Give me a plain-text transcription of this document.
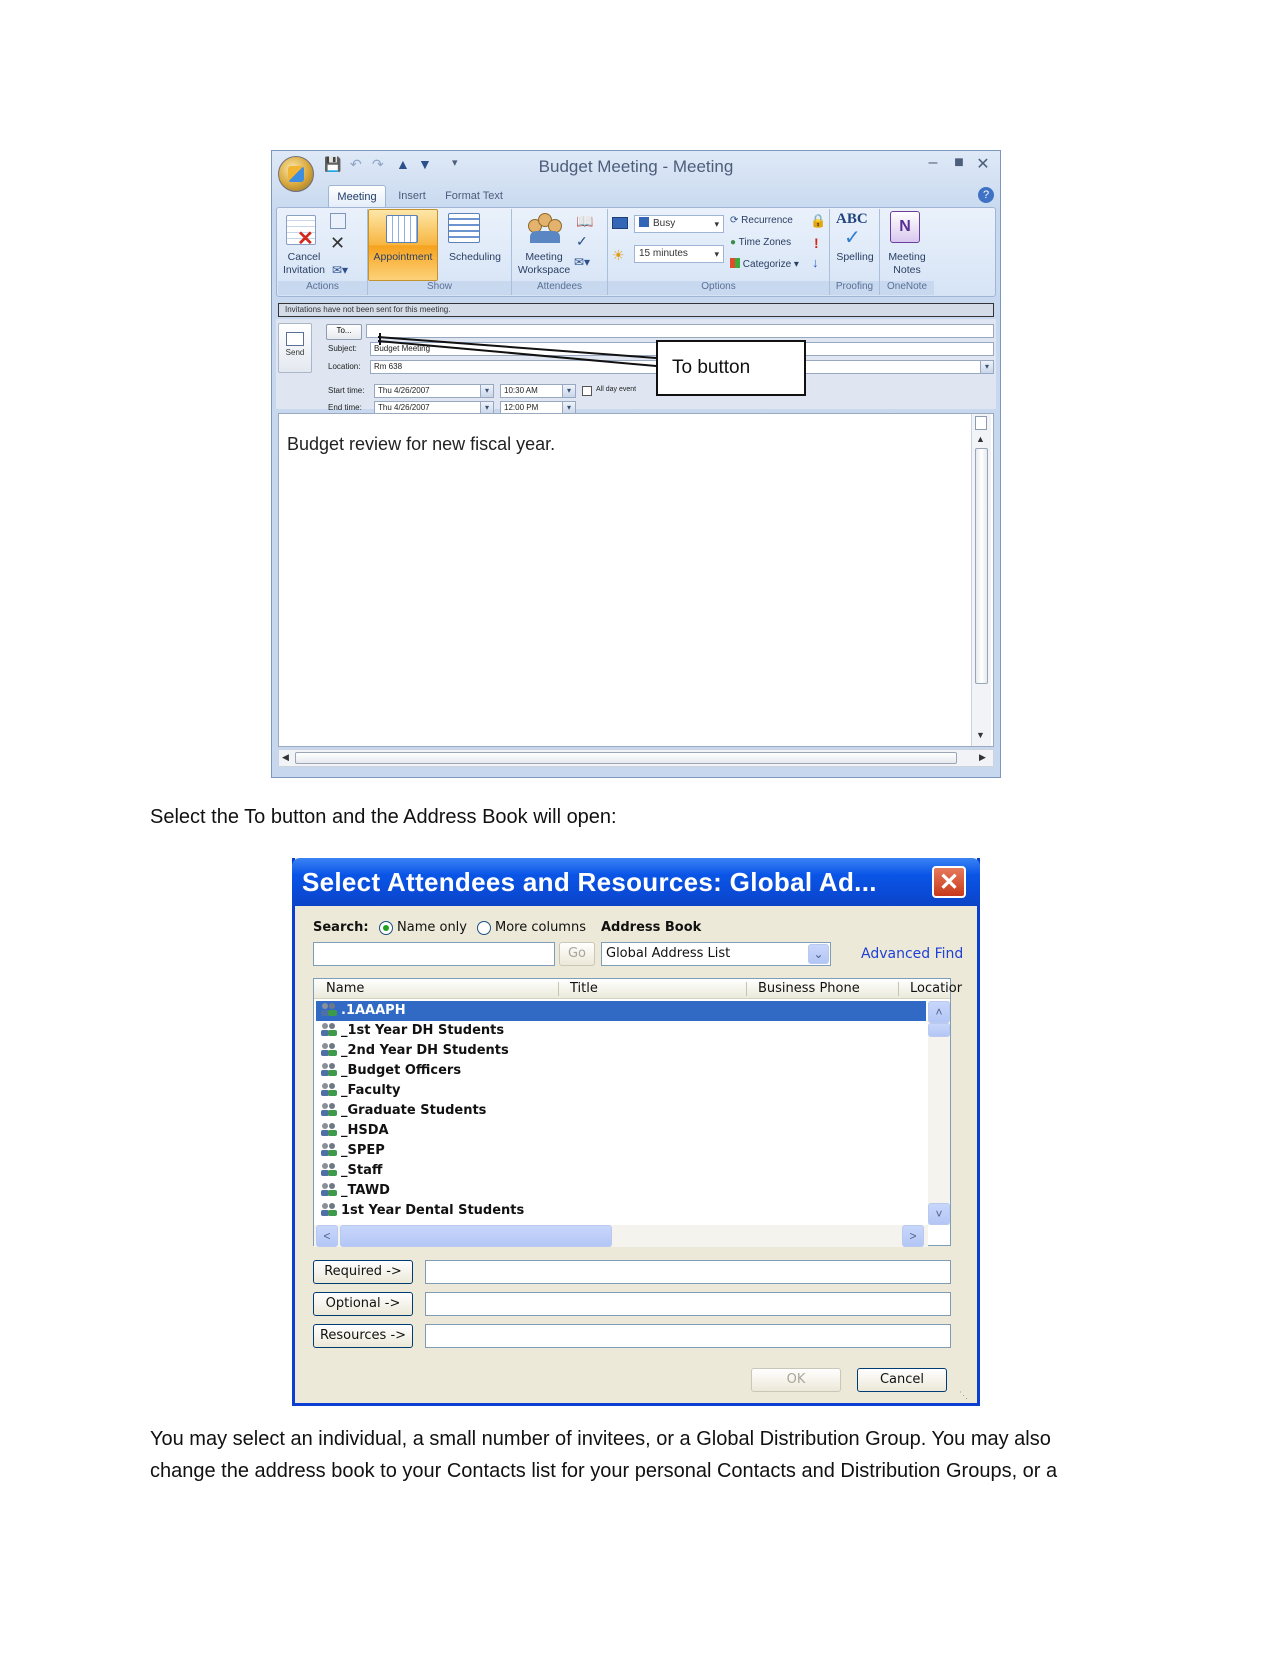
Budget Meeting - Meeting
💾 ↶ ↷ ▲ ▼ ▾	–	■ ✕
Meeting	Insert	Format Text	?
✕ ✕
Cancel
Invitation ✉▾
Actions
Appointment	Scheduling
Show
Meeting
Workspace
📖
✓
✉▾
Attendees
Busy	▾
☀	15 minutes	▾
⟳ Recurrence
● Time Zones
Categorize ▾
🔒
!
↓
Options
ABC
✓
Spelling
Proofing
N
Meeting
Notes
OneNote
Invitations have not been sent for this meeting.
Send
To...
Subject:	Budget Meeting
Location:	Rm 638	▾
Start time:	Thu 4/26/2007	▾	10:30 AM	▾	All day event
End time:	Thu 4/26/2007	▾	12:00 PM	▾
Budget review for new fiscal year.	▲
▼
◀	▶
To button
Select the To button and the Address Book will open:
Select Attendees and Resources: Global Ad...	✕
Search: Name only More columns Address Book
Go	Global Address List	⌄	Advanced Find
Name	Title	Business Phone	Locatior
.1AAAPH
_1st Year DH Students
_2nd Year DH Students
_Budget Officers
_Faculty
_Graduate Students
_HSDA
_SPEP
_Staff
_TAWD
1st Year Dental Students
˄
˅
<	>
Required ->
Optional ->
Resources ->
OK	Cancel
⋱
You may select an individual, a small number of invitees, or a Global Distribution Group. You may also
change the address book to your Contacts list for your personal Contacts and Distribution Groups, or a
